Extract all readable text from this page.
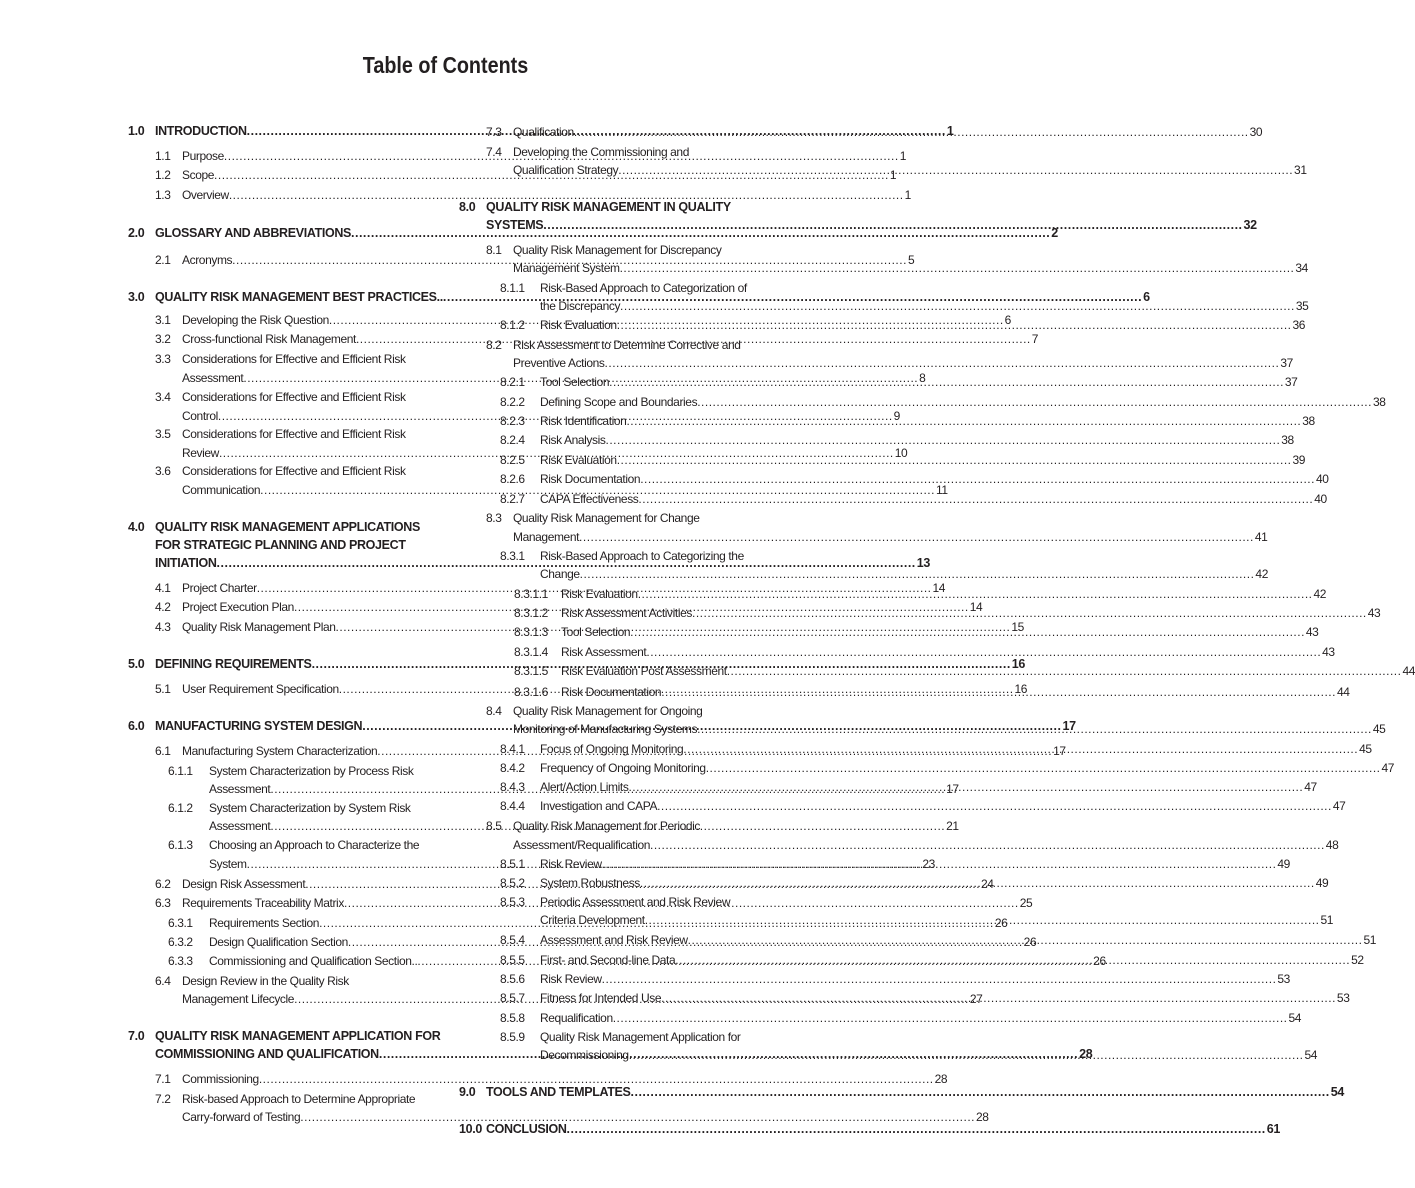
Table of Contents
1.0 INTRODUCTION .....	1
1.1 Purpose .....	1
1.2 Scope .....	1
1.3 Overview .....	1
2.0 GLOSSARY AND ABBREVIATIONS .....	2
2.1 Acronyms .....	5
3.0 QUALITY RISK MANAGEMENT BEST PRACTICES.. .....	6
3.1 Developing the Risk Question .....	6
3.2 Cross-functional Risk Management .....	7
3.3 Considerations for Effective and Efficient Risk
Assessment .....	8
3.4 Considerations for Effective and Efficient Risk
Control .....	9
3.5 Considerations for Effective and Efficient Risk
Review .....	10
3.6 Considerations for Effective and Efficient Risk
Communication .....	11
4.0 QUALITY RISK MANAGEMENT APPLICATIONS
FOR STRATEGIC PLANNING AND PROJECT
INITIATION .....	13
4.1 Project Charter .....	14
4.2 Project Execution Plan .....	14
4.3 Quality Risk Management Plan .....	15
5.0 DEFINING REQUIREMENTS .....	16
5.1 User Requirement Specification .....	16
6.0 MANUFACTURING SYSTEM DESIGN .....	17
6.1 Manufacturing System Characterization .....	17
6.1.1	System Characterization by Process Risk
Assessment .....	17
6.1.2	System Characterization by System Risk
Assessment .....	21
6.1.3	Choosing an Approach to Characterize the
System .....	23
6.2 Design Risk Assessment .....	24
6.3 Requirements Traceability Matrix .....	25
6.3.1	Requirements Section .....	26
6.3.2	Design Qualification Section .....	26
6.3.3	Commissioning and Qualification Section.. .....	26
6.4 Design Review in the Quality Risk
Management Lifecycle .....	27
7.0 QUALITY RISK MANAGEMENT APPLICATION FOR
COMMISSIONING AND QUALIFICATION .....	28
7.1 Commissioning .....	28
7.2 Risk-based Approach to Determine Appropriate
Carry-forward of Testing .....	28
7.3 Qualification .....	30
7.4 Developing the Commissioning and
Qualification Strategy .....	31
8.0 QUALITY RISK MANAGEMENT IN QUALITY
SYSTEMS .....	32
8.1 Quality Risk Management for Discrepancy
Management System .....	34
8.1.1	Risk-Based Approach to Categorization of
the Discrepancy .....	35
8.1.2	Risk Evaluation .....	36
8.2 Risk Assessment to Determine Corrective and
Preventive Actions .....	37
8.2.1	Tool Selection .....	37
8.2.2	Defining Scope and Boundaries .....	38
8.2.3	Risk Identification .....	38
8.2.4	Risk Analysis .....	38
8.2.5	Risk Evaluation .....	39
8.2.6	Risk Documentation .....	40
8.2.7	CAPA Effectiveness .....	40
8.3 Quality Risk Management for Change
Management .....	41
8.3.1	Risk-Based Approach to Categorizing the
Change .....	42
8.3.1.1	Risk Evaluation .....	42
8.3.1.2	Risk Assessment Activities .....	43
8.3.1.3	Tool Selection .....	43
8.3.1.4	Risk Assessment .....	43
8.3.1.5	Risk Evaluation Post Assessment .....	44
8.3.1.6	Risk Documentation .....	44
8.4 Quality Risk Management for Ongoing
Monitoring of Manufacturing Systems .....	45
8.4.1	Focus of Ongoing Monitoring .....	45
8.4.2	Frequency of Ongoing Monitoring .....	47
8.4.3	Alert/Action Limits .....	47
8.4.4	Investigation and CAPA .....	47
8.5 Quality Risk Management for Periodic
Assessment/Requalification .....	48
8.5.1	Risk Review .....	49
8.5.2	System Robustness .....	49
8.5.3	Periodic Assessment and Risk Review
Criteria Development .....	51
8.5.4	Assessment and Risk Review .....	51
8.5.5	First- and Second-line Data .....	52
8.5.6	Risk Review .....	53
8.5.7	Fitness for Intended Use .....	53
8.5.8	Requalification .....	54
8.5.9	Quality Risk Management Application for
Decommissioning .....	54
9.0 TOOLS AND TEMPLATES .....	54
10.0 CONCLUSION .....	61
